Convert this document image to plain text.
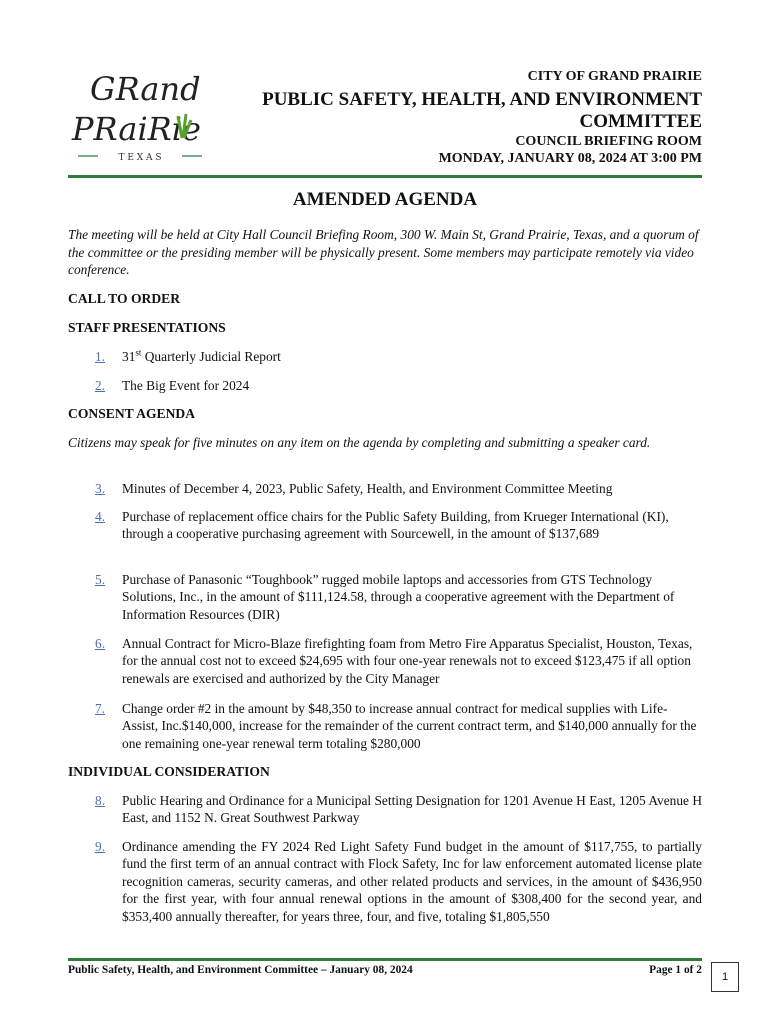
GRand
PRaiRie
T E X A S
CITY OF GRAND PRAIRIE
PUBLIC SAFETY, HEALTH, AND ENVIRONMENT
COMMITTEE
COUNCIL BRIEFING ROOM
MONDAY, JANUARY 08, 2024 AT 3:00 PM
AMENDED AGENDA
The meeting will be held at City Hall Council Briefing Room, 300 W. Main St, Grand Prairie, Texas, and a quorum of the committee or the presiding member will be physically present. Some members may participate remotely via video conference.
CALL TO ORDER
STAFF PRESENTATIONS
1. 31st Quarterly Judicial Report
2. The Big Event for 2024
CONSENT AGENDA
Citizens may speak for five minutes on any item on the agenda by completing and submitting a speaker card.
3. Minutes of December 4, 2023, Public Safety, Health, and Environment Committee Meeting
4. Purchase of replacement office chairs for the Public Safety Building, from Krueger International (KI), through a cooperative purchasing agreement with Sourcewell, in the amount of $137,689
5. Purchase of Panasonic “Toughbook” rugged mobile laptops and accessories from GTS Technology Solutions, Inc., in the amount of $111,124.58, through a cooperative agreement with the Department of Information Resources (DIR)
6. Annual Contract for Micro-Blaze firefighting foam from Metro Fire Apparatus Specialist, Houston, Texas, for the annual cost not to exceed $24,695 with four one-year renewals not to exceed $123,475 if all option renewals are exercised and authorized by the City Manager
7. Change order #2 in the amount by $48,350 to increase annual contract for medical supplies with Life-Assist, Inc.$140,000, increase for the remainder of the current contract term, and $140,000 annually for the one remaining one-year renewal term totaling $280,000
INDIVIDUAL CONSIDERATION
8. Public Hearing and Ordinance for a Municipal Setting Designation for 1201 Avenue H East, 1205 Avenue H East, and 1152 N. Great Southwest Parkway
9. Ordinance amending the FY 2024 Red Light Safety Fund budget in the amount of $117,755, to partially fund the first term of an annual contract with Flock Safety, Inc for law enforcement automated license plate recognition cameras, security cameras, and other related products and services, in the amount of $436,950 for the first year, with four annual renewal options in the amount of $308,400 for the second year, and $353,400 annually thereafter, for years three, four, and five, totaling $1,805,550
Public Safety, Health, and Environment Committee – January 08, 2024	Page 1 of 2
1
